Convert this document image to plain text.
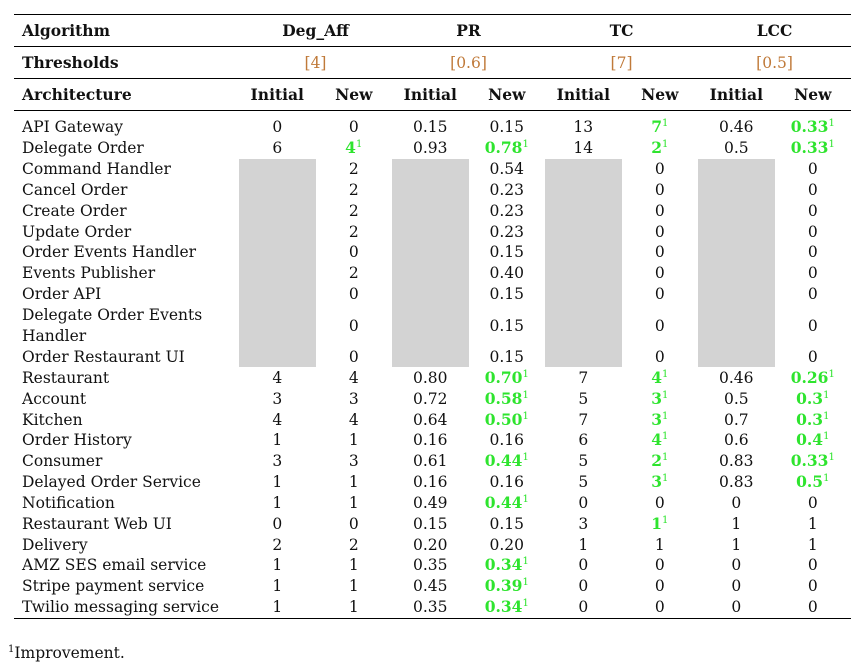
Algorithm	Deg_Aff		PR		TC		LCC	
Thresholds	[4]		[0.6]		[7]		[0.5]	
Architecture	Initial	New	Initial	New	Initial	New	Initial	New

API Gateway	0	0	0.15	0.15	13	$7^1$	0.46	0.33$^1$
Delegate Order	6	$4^1$	0.93	0.78$^1$	14	$2^1$	0.5	0.33$^1$
Command Handler		2		0.54		0		0
Cancel Order		2		0.23		0		0
Create Order		2		0.23		0		0
Update Order		2		0.23		0		0
Order Events Handler		0		0.15		0		0
Events Publisher		2		0.40		0		0
Order API		0		0.15		0		0
Delegate Order Events Handler		0		0.15		0		0
Order Restaurant UI		0		0.15		0		0
Restaurant	4	4	0.80	0.70$^1$	7	$4^1$	0.46	0.26$^1$
Account	3	3	0.72	0.58$^1$	5	$3^1$	0.5	$0.3^1$
Kitchen	4	4	0.64	0.50$^1$	7	$3^1$	0.7	$0.3^1$
Order History	1	1	0.16	0.16	6	$4^1$	0.6	$0.4^1$
Consumer	3	3	0.61	0.44$^1$	5	$2^1$	0.83	0.33$^1$
Delayed Order Service	1	1	0.16	0.16	5	$3^1$	0.83	$0.5^1$
Notification	1	1	0.49	0.44$^1$	0	0	0	0
Restaurant Web UI	0	0	0.15	0.15	3	$1^1$	1	1
Delivery	2	2	0.20	0.20	1	1	1	1
AMZ SES email service	1	1	0.35	0.34$^1$	0	0	0	0
Stripe payment service	1	1	0.45	0.39$^1$	0	0	0	0
Twilio messaging service	1	1	0.35	0.34$^1$	0	0	0	0
$^1$Improvement.
